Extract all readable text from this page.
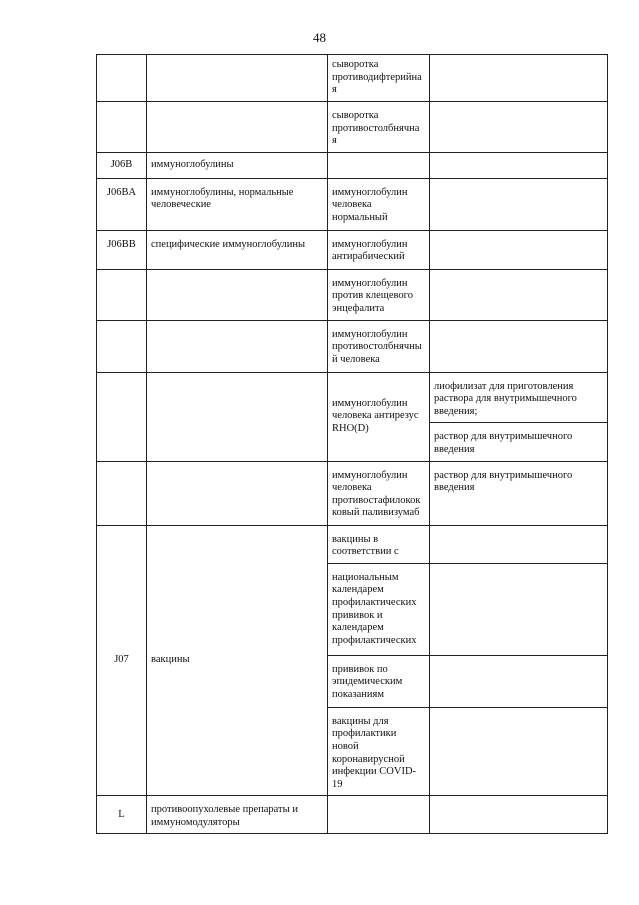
48
		сыворотка противодифтерийна я	
		сыворотка противостолбнячна я	
J06B	иммуноглобулины		
J06BA	иммуноглобулины, нормальные человеческие	иммуноглобулин человека нормальный	
J06BB	специфические иммуноглобулины	иммуноглобулин антирабический	
		иммуноглобулин против клещевого энцефалита	
		иммуноглобулин противостолбнячны й человека	
		иммуноглобулин человека антирезус RHO(D)	лиофилизат для приготовления раствора для внутримышечного введения;
			раствор для внутримышечного введения
		иммуноглобулин человека противостафилокок ковый паливизумаб	раствор для внутримышечного введения
J07	вакцины	вакцины в соответствии с	
		национальным календарем профилактических прививок и календарем профилактических	
		прививок по эпидемическим показаниям	
		вакцины для профилактики новой коронавирусной инфекции COVID-19	
L	противоопухолевые препараты и иммуномодуляторы		
